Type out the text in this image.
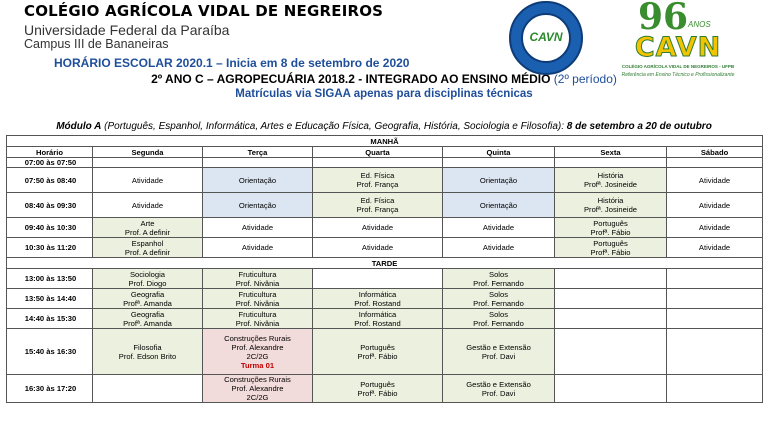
COLÉGIO AGRÍCOLA VIDAL DE NEGREIROS
Universidade Federal da Paraíba
Campus III de Bananeiras
HORÁRIO ESCOLAR 2020.1 – Inicia em 8 de setembro de 2020
2º ANO C – AGROPECUÁRIA 2018.2 - INTEGRADO AO ENSINO MÉDIO (2º período)
Matrículas via SIGAA apenas para disciplinas técnicas
CAVN 96 ANOS
CAVN
COLÉGIO AGRÍCOLA VIDAL DE NEGREIROS - UFPB
Referência em Ensino Técnico e Profissionalizante
Módulo A (Português, Espanhol, Informática, Artes e Educação Física, Geografia, História, Sociologia e Filosofia): 8 de setembro a 20 de outubro
MANHÃ						
Horário	Segunda	Terça	Quarta	Quinta	Sexta	Sábado

07:00 às 07:50						

07:50 às 08:40	Atividade	Orientação	Ed. Física
Prof. França	Orientação	História
Profª. Josineide	Atividade

08:40 às 09:30	Atividade	Orientação	Ed. Física
Prof. França	Orientação	História
Profª. Josineide	Atividade

09:40 às 10:30	Arte
Prof. A definir	Atividade	Atividade	Atividade	Português
Profª. Fábio	Atividade

10:30 às 11:20	Espanhol
Prof. A definir	Atividade	Atividade	Atividade	Português
Profª. Fábio	Atividade
TARDE						

13:00 às 13:50	Sociologia
Prof. Diogo	Fruticultura
Prof. Nivânia		Solos
Prof. Fernando		

13:50 às 14:40	Geografia
Profª. Amanda	Fruticultura
Prof. Nivânia	Informática
Prof. Rostand	Solos
Prof. Fernando		

14:40 às 15:30	Geografia
Profª. Amanda	Fruticultura
Prof. Nivânia	Informática
Prof. Rostand	Solos
Prof. Fernando		

15:40 às 16:30	Filosofia
Prof. Edson Brito	Construções Rurais
Prof. Alexandre
2C/2G
Turma 01	Português
Profª. Fábio	Gestão e Extensão
Prof. Davi		

16:30 às 17:20		Construções Rurais
Prof. Alexandre
2C/2G	Português
Profª. Fábio	Gestão e Extensão
Prof. Davi		
